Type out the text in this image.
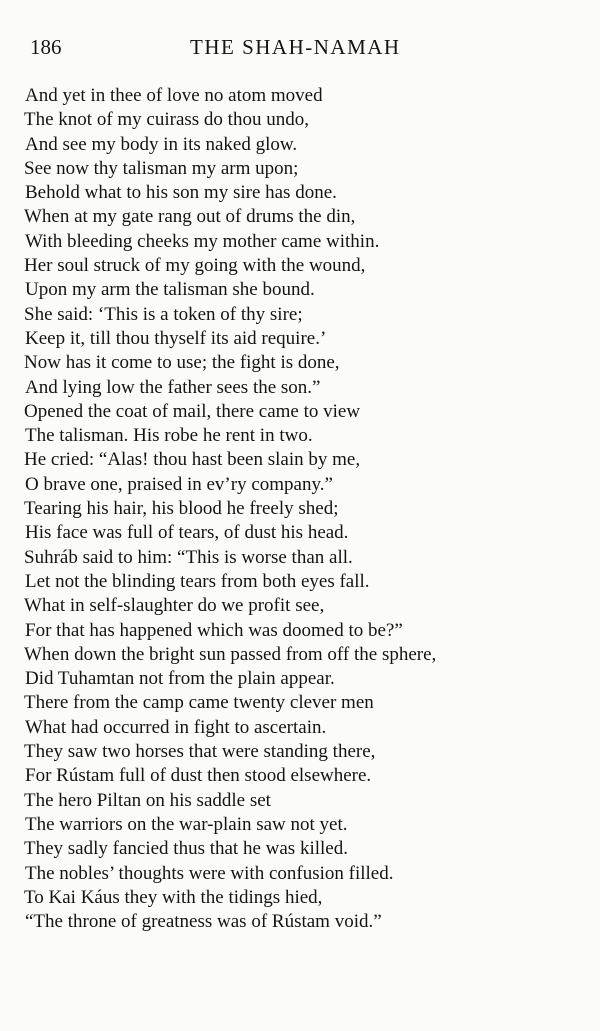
186	THE SHAH-NAMAH
And yet in thee of love no atom moved
The knot of my cuirass do thou undo,
And see my body in its naked glow.
See now thy talisman my arm upon;
Behold what to his son my sire has done.
When at my gate rang out of drums the din,
With bleeding cheeks my mother came within.
Her soul struck of my going with the wound,
Upon my arm the talisman she bound.
She said: ‘This is a token of thy sire;
Keep it, till thou thyself its aid require.’
Now has it come to use; the fight is done,
And lying low the father sees the son.”
Opened the coat of mail, there came to view
The talisman. His robe he rent in two.
He cried: “Alas! thou hast been slain by me,
O brave one, praised in ev’ry company.”
Tearing his hair, his blood he freely shed;
His face was full of tears, of dust his head.
Suhráb said to him: “This is worse than all.
Let not the blinding tears from both eyes fall.
What in self-slaughter do we profit see,
For that has happened which was doomed to be?”
When down the bright sun passed from off the sphere,
Did Tuhamtan not from the plain appear.
There from the camp came twenty clever men
What had occurred in fight to ascertain.
They saw two horses that were standing there,
For Rústam full of dust then stood elsewhere.
The hero Piltan on his saddle set
The warriors on the war-plain saw not yet.
They sadly fancied thus that he was killed.
The nobles’ thoughts were with confusion filled.
To Kai Káus they with the tidings hied,
“The throne of greatness was of Rústam void.”
